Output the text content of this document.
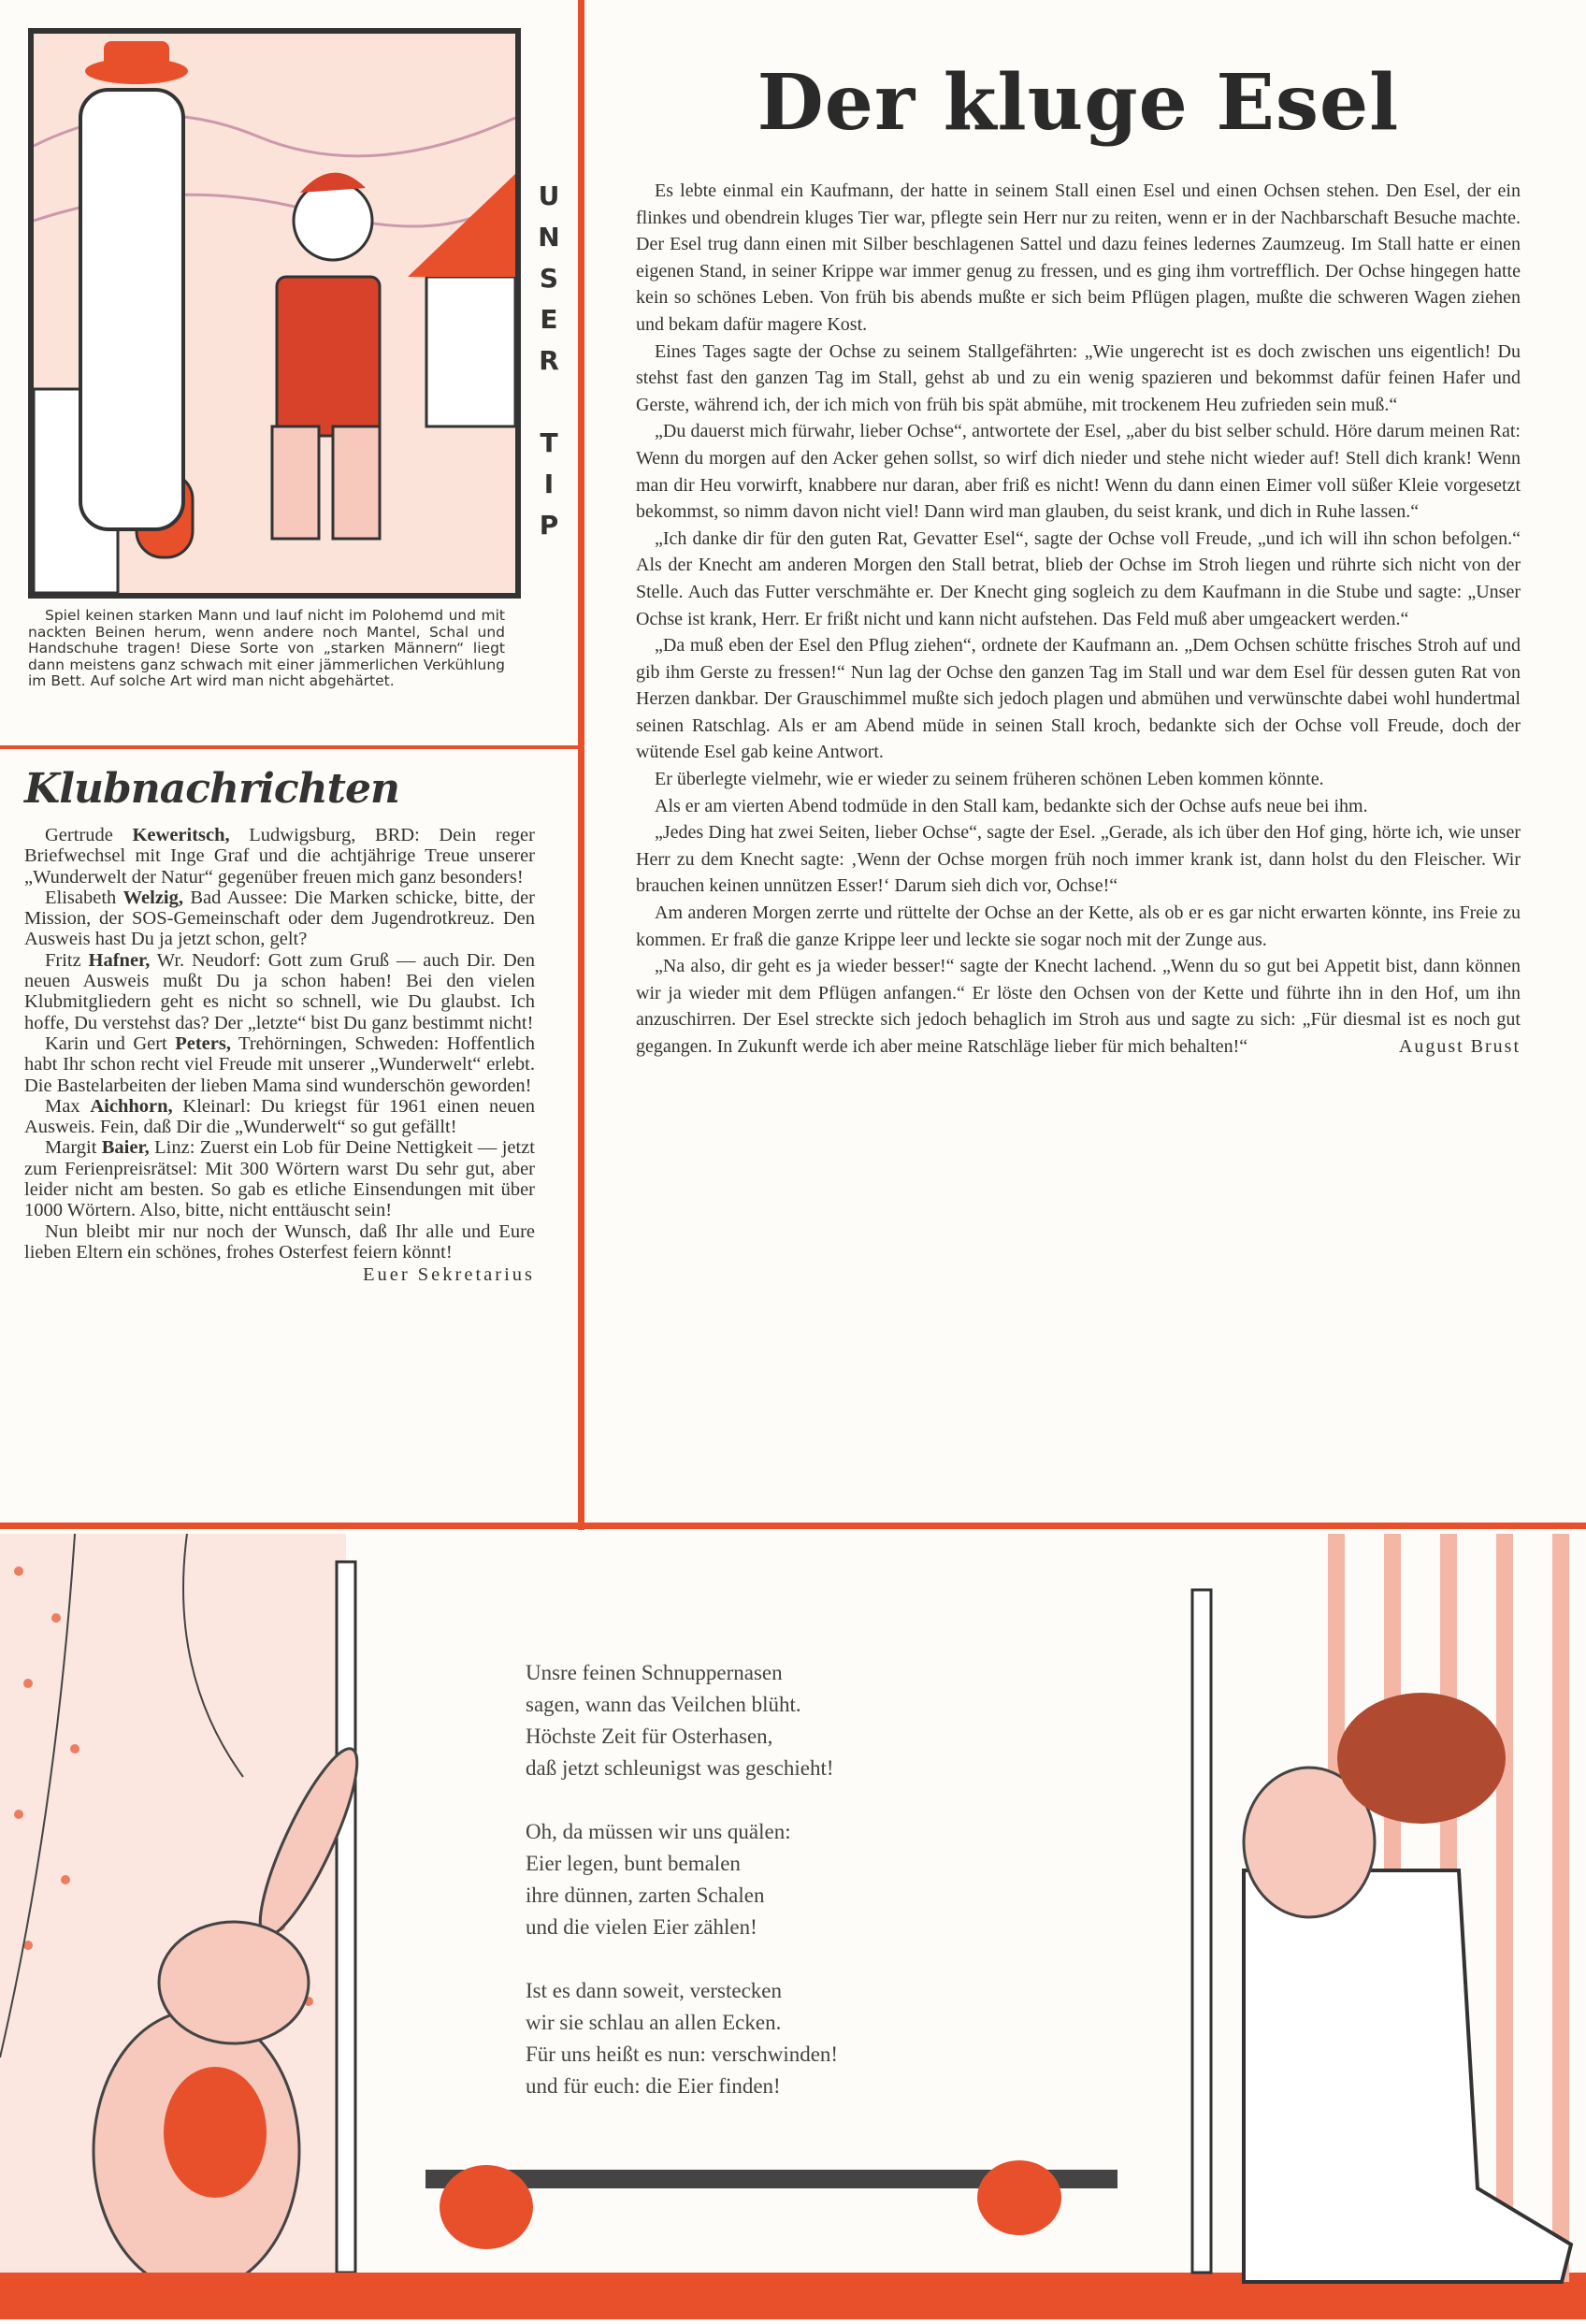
U
N
S
E
R
T
I
P
Spiel keinen starken Mann und lauf nicht im Polohemd und mit nackten Beinen herum, wenn andere noch Mantel, Schal und Handschuhe tragen! Diese Sorte von „starken Männern“ liegt dann meistens ganz schwach mit einer jämmerlichen Verkühlung im Bett. Auf solche Art wird man nicht abgehärtet.
Klubnachrichten

Gertrude Keweritsch, Ludwigsburg, BRD: Dein reger Briefwechsel mit Inge Graf und die achtjährige Treue unserer „Wunderwelt der Natur“ gegenüber freuen mich ganz besonders!

Elisabeth Welzig, Bad Aussee: Die Marken schicke, bitte, der Mission, der SOS-Gemeinschaft oder dem Jugendrotkreuz. Den Ausweis hast Du ja jetzt schon, gelt?

Fritz Hafner, Wr. Neudorf: Gott zum Gruß — auch Dir. Den neuen Ausweis mußt Du ja schon haben! Bei den vielen Klubmitgliedern geht es nicht so schnell, wie Du glaubst. Ich hoffe, Du verstehst das? Der „letzte“ bist Du ganz bestimmt nicht!

Karin und Gert Peters, Trehörningen, Schweden: Hoffentlich habt Ihr schon recht viel Freude mit unserer „Wunderwelt“ erlebt. Die Bastelarbeiten der lieben Mama sind wunderschön geworden!

Max Aichhorn, Kleinarl: Du kriegst für 1961 einen neuen Ausweis. Fein, daß Dir die „Wunderwelt“ so gut gefällt!

Margit Baier, Linz: Zuerst ein Lob für Deine Nettigkeit — jetzt zum Ferienpreisrätsel: Mit 300 Wörtern warst Du sehr gut, aber leider nicht am besten. So gab es etliche Einsendungen mit über 1000 Wörtern. Also, bitte, nicht enttäuscht sein!

Nun bleibt mir nur noch der Wunsch, daß Ihr alle und Eure lieben Eltern ein schönes, frohes Osterfest feiern könnt!

Euer Sekretarius

Der kluge Esel

Es lebte einmal ein Kaufmann, der hatte in seinem Stall einen Esel und einen Ochsen stehen. Den Esel, der ein flinkes und obendrein kluges Tier war, pflegte sein Herr nur zu reiten, wenn er in der Nachbarschaft Besuche machte. Der Esel trug dann einen mit Silber beschlagenen Sattel und dazu feines ledernes Zaumzeug. Im Stall hatte er einen eigenen Stand, in seiner Krippe war immer genug zu fressen, und es ging ihm vortrefflich. Der Ochse hingegen hatte kein so schönes Leben. Von früh bis abends mußte er sich beim Pflügen plagen, mußte die schweren Wagen ziehen und bekam dafür magere Kost.

Eines Tages sagte der Ochse zu seinem Stallgefährten: „Wie ungerecht ist es doch zwischen uns eigentlich! Du stehst fast den ganzen Tag im Stall, gehst ab und zu ein wenig spazieren und bekommst dafür feinen Hafer und Gerste, während ich, der ich mich von früh bis spät abmühe, mit trockenem Heu zufrieden sein muß.“

„Du dauerst mich fürwahr, lieber Ochse“, antwortete der Esel, „aber du bist selber schuld. Höre darum meinen Rat: Wenn du morgen auf den Acker gehen sollst, so wirf dich nieder und stehe nicht wieder auf! Stell dich krank! Wenn man dir Heu vorwirft, knabbere nur daran, aber friß es nicht! Wenn du dann einen Eimer voll süßer Kleie vorgesetzt bekommst, so nimm davon nicht viel! Dann wird man glauben, du seist krank, und dich in Ruhe lassen.“

„Ich danke dir für den guten Rat, Gevatter Esel“, sagte der Ochse voll Freude, „und ich will ihn schon befolgen.“ Als der Knecht am anderen Morgen den Stall betrat, blieb der Ochse im Stroh liegen und rührte sich nicht von der Stelle. Auch das Futter verschmähte er. Der Knecht ging sogleich zu dem Kaufmann in die Stube und sagte: „Unser Ochse ist krank, Herr. Er frißt nicht und kann nicht aufstehen. Das Feld muß aber umgeackert werden.“

„Da muß eben der Esel den Pflug ziehen“, ordnete der Kaufmann an. „Dem Ochsen schütte frisches Stroh auf und gib ihm Gerste zu fressen!“ Nun lag der Ochse den ganzen Tag im Stall und war dem Esel für dessen guten Rat von Herzen dankbar. Der Grauschimmel mußte sich jedoch plagen und abmühen und verwünschte dabei wohl hundertmal seinen Ratschlag. Als er am Abend müde in seinen Stall kroch, bedankte sich der Ochse voll Freude, doch der wütende Esel gab keine Antwort.

Er überlegte vielmehr, wie er wieder zu seinem früheren schönen Leben kommen könnte.

Als er am vierten Abend todmüde in den Stall kam, bedankte sich der Ochse aufs neue bei ihm.

„Jedes Ding hat zwei Seiten, lieber Ochse“, sagte der Esel. „Gerade, als ich über den Hof ging, hörte ich, wie unser Herr zu dem Knecht sagte: ‚Wenn der Ochse morgen früh noch immer krank ist, dann holst du den Fleischer. Wir brauchen keinen unnützen Esser!‘ Darum sieh dich vor, Ochse!“

Am anderen Morgen zerrte und rüttelte der Ochse an der Kette, als ob er es gar nicht erwarten könnte, ins Freie zu kommen. Er fraß die ganze Krippe leer und leckte sie sogar noch mit der Zunge aus.

„Na also, dir geht es ja wieder besser!“ sagte der Knecht lachend. „Wenn du so gut bei Appetit bist, dann können wir ja wieder mit dem Pflügen anfangen.“ Er löste den Ochsen von der Kette und führte ihn in den Hof, um ihn anzuschirren. Der Esel streckte sich jedoch behaglich im Stroh aus und sagte zu sich: „Für diesmal ist es noch gut gegangen. In Zukunft werde ich aber meine Ratschläge lieber für mich behalten!“	August Brust

Unsre feinen Schnuppernasen
sagen, wann das Veilchen blüht.
Höchste Zeit für Osterhasen,
daß jetzt schleunigst was geschieht!

Oh, da müssen wir uns quälen:
Eier legen, bunt bemalen
ihre dünnen, zarten Schalen
und die vielen Eier zählen!

Ist es dann soweit, verstecken
wir sie schlau an allen Ecken.
Für uns heißt es nun: verschwinden!
und für euch: die Eier finden!
